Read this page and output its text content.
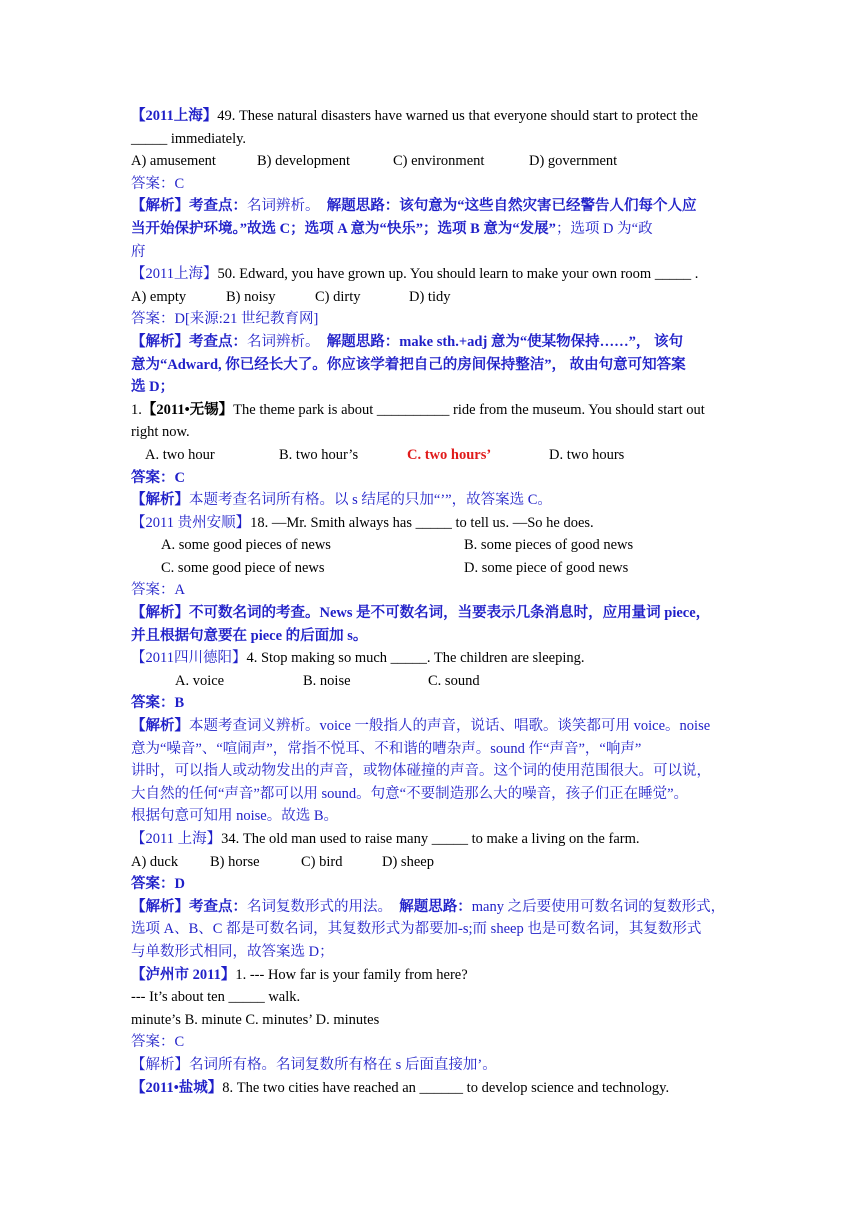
【2011上海】49. These natural disasters have warned us that everyone should start to protect the
_____ immediately.
A) amusement	B) development	C) environment	D) government
答案：C
【解析】考查点：名词辨析。 解题思路：该句意为“这些自然灾害已经警告人们每个人应
当开始保护环境。”故选 C；选项 A 意为“快乐”；选项 B 意为“发展”；选项 D 为“政
府
【2011上海】50. Edward, you have grown up. You should learn to make your own room _____ .
A) empty	B) noisy	C) dirty	D) tidy
答案：D[来源:21 世纪教育网]
【解析】考查点：名词辨析。 解题思路：make sth.+adj 意为“使某物保持……”， 该句
意为“Adward, 你已经长大了。你应该学着把自己的房间保持整洁”， 故由句意可知答案
选 D；
1.【2011•无锡】The theme park is about __________ ride from the museum. You should start out
right now.
A. two hour	B. two hour’s	C. two hours’	D. two hours
答案：C
【解析】本题考查名词所有格。以 s 结尾的只加“’”，故答案选 C。
【2011 贵州安顺】18. —Mr. Smith always has _____ to tell us. —So he does.
A. some good pieces of news	B. some pieces of good news
C. some good piece of news	D. some piece of good news
答案：A
【解析】不可数名词的考查。News 是不可数名词，当要表示几条消息时，应用量词 piece，
并且根据句意要在 piece 的后面加 s。
【2011四川德阳】4. Stop making so much _____. The children are sleeping.
A. voice	B. noise	C. sound
答案：B
【解析】本题考查词义辨析。voice 一般指人的声音，说话、唱歌。谈笑都可用 voice。noise
意为“噪音”、“喧闹声”，常指不悦耳、不和谐的嘈杂声。sound 作“声音”，“响声”
讲时，可以指人或动物发出的声音，或物体碰撞的声音。这个词的使用范围很大。可以说，
大自然的任何“声音”都可以用 sound。句意“不要制造那么大的噪音，孩子们正在睡觉”。
根据句意可知用 noise。故选 B。
【2011 上海】34. The old man used to raise many _____ to make a living on the farm.
A) duck	B) horse	C) bird	D) sheep
答案：D
【解析】考查点：名词复数形式的用法。 解题思路：many 之后要使用可数名词的复数形式，
选项 A、B、C 都是可数名词，其复数形式为都要加-s;而 sheep 也是可数名词，其复数形式
与单数形式相同，故答案选 D；
【泸州市 2011】1. --- How far is your family from here?
--- It’s about ten _____ walk.
minute’s B. minute C. minutes’ D. minutes
答案：C
【解析】名词所有格。名词复数所有格在 s 后面直接加’。
【2011•盐城】8. The two cities have reached an ______ to develop science and technology.
